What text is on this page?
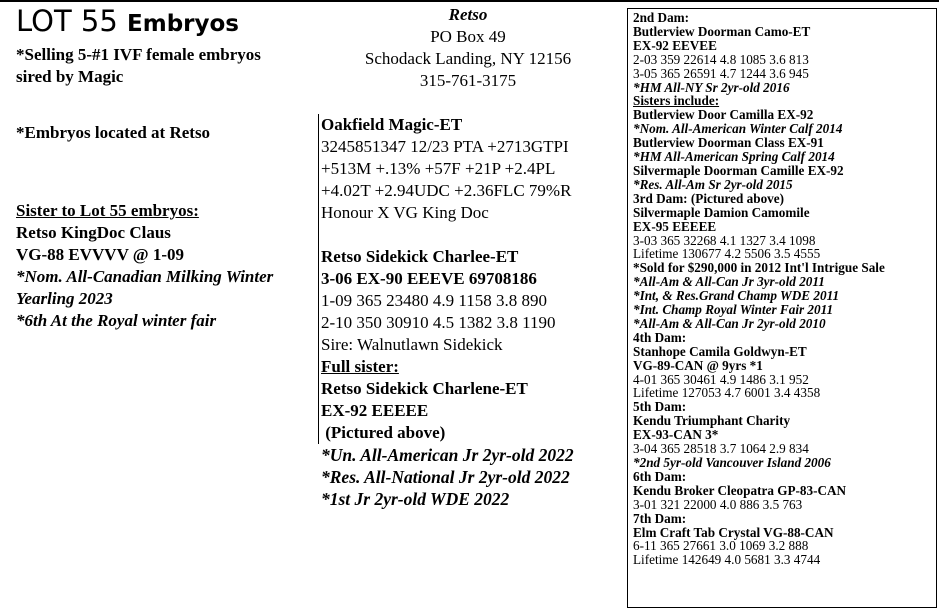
LOT 55 Embryos
*Selling 5-#1 IVF female embryos
sired by Magic
*Embryos located at Retso
Sister to Lot 55 embryos:
Retso KingDoc Claus
VG-88 EVVVV @ 1-09
*Nom. All-Canadian Milking Winter
Yearling 2023
*6th At the Royal winter fair
Retso
PO Box 49
Schodack Landing, NY 12156
315-761-3175
Oakfield Magic-ET
3245851347 12/23 PTA +2713GTPI
+513M +.13% +57F +21P +2.4PL
+4.02T +2.94UDC +2.36FLC 79%R
Honour X VG King Doc
Retso Sidekick Charlee-ET
3-06 EX-90 EEEVE 69708186
1-09 365 23480 4.9 1158 3.8 890
2-10 350 30910 4.5 1382 3.8 1190
Sire: Walnutlawn Sidekick
Full sister:
Retso Sidekick Charlene-ET
EX-92 EEEEE
(Pictured above)
*Un. All-American Jr 2yr-old 2022
*Res. All-National Jr 2yr-old 2022
*1st Jr 2yr-old WDE 2022
2nd Dam:
Butlerview Doorman Camo-ET
EX-92 EEVEE
2-03 359 22614 4.8 1085 3.6 813
3-05 365 26591 4.7 1244 3.6 945
*HM All-NY Sr 2yr-old 2016
Sisters include:
Butlerview Door Camilla EX-92
*Nom. All-American Winter Calf 2014
Butlerview Doorman Class EX-91
*HM All-American Spring Calf 2014
Silvermaple Doorman Camille EX-92
*Res. All-Am Sr 2yr-old 2015
3rd Dam: (Pictured above)
Silvermaple Damion Camomile
EX-95 EEEEE
3-03 365 32268 4.1 1327 3.4 1098
Lifetime 130677 4.2 5506 3.5 4555
*Sold for $290,000 in 2012 Int'l Intrigue Sale
*All-Am & All-Can Jr 3yr-old 2011
*Int, & Res.Grand Champ WDE 2011
*Int. Champ Royal Winter Fair 2011
*All-Am & All-Can Jr 2yr-old 2010
4th Dam:
Stanhope Camila Goldwyn-ET
VG-89-CAN @ 9yrs *1
4-01 365 30461 4.9 1486 3.1 952
Lifetime 127053 4.7 6001 3.4 4358
5th Dam:
Kendu Triumphant Charity
EX-93-CAN 3*
3-04 365 28518 3.7 1064 2.9 834
*2nd 5yr-old Vancouver Island 2006
6th Dam:
Kendu Broker Cleopatra GP-83-CAN
3-01 321 22000 4.0 886 3.5 763
7th Dam:
Elm Craft Tab Crystal VG-88-CAN
6-11 365 27661 3.0 1069 3.2 888
Lifetime 142649 4.0 5681 3.3 4744
